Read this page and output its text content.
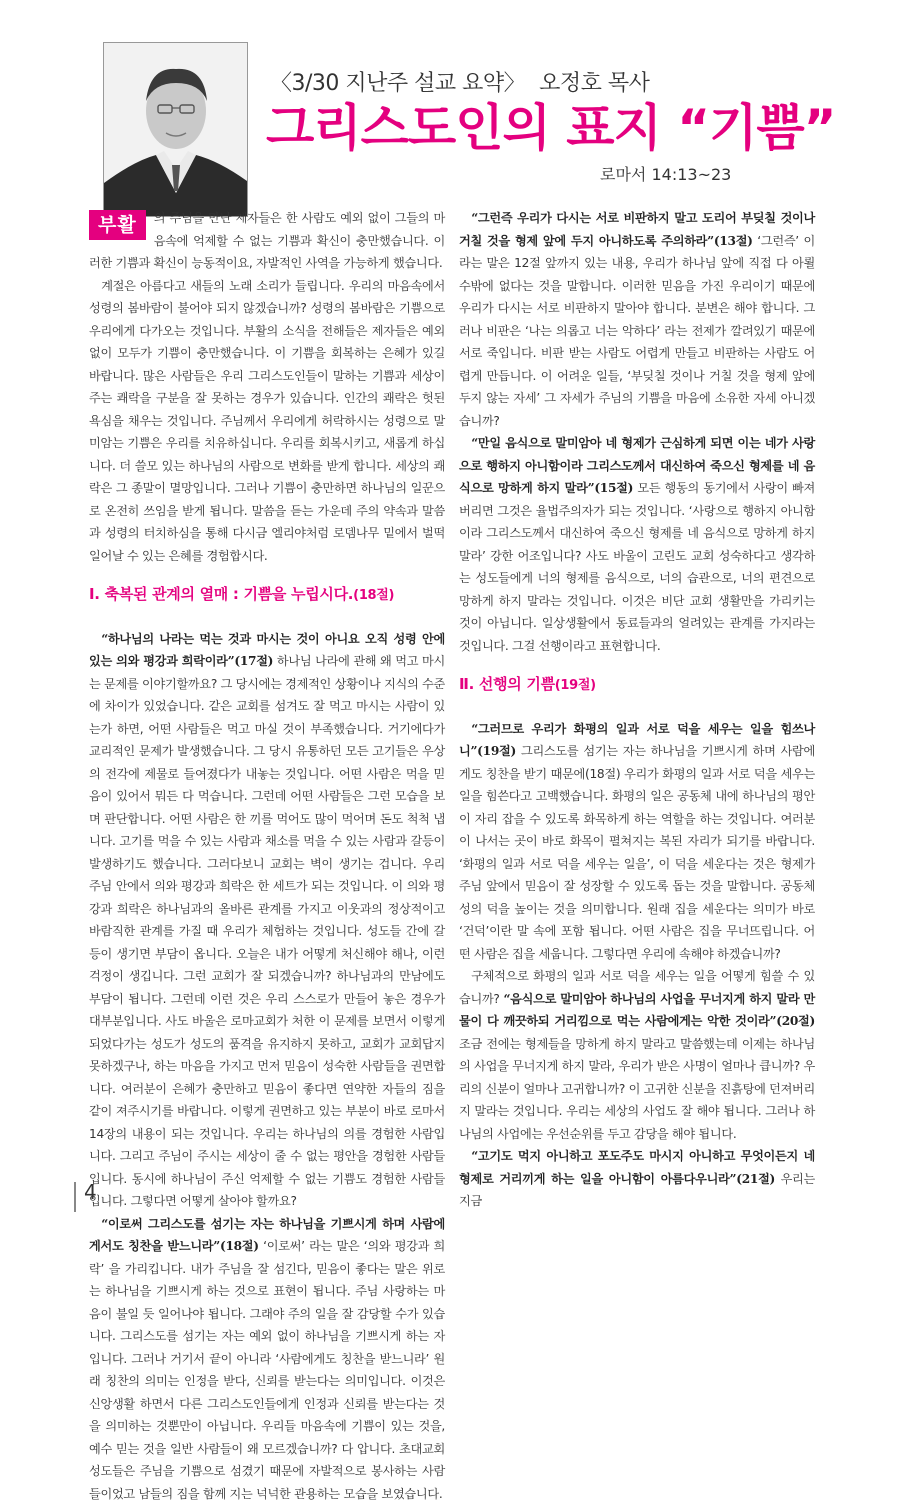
〈3/30 지난주 설교 요약〉 오정호 목사
그리스도인의 표지 “기쁨”
로마서 14:13~23

부활	의 주님을 만난 제자들은 한 사람도 예외 없이 그들의 마음속에 억제할 수 없는 기쁨과 확신이 충만했습니다. 이러한 기쁨과 확신이 능동적이요, 자발적인 사역을 가능하게 했습니다.

계절은 아름다고 새들의 노래 소리가 들립니다. 우리의 마음속에서 성령의 봄바람이 불어야 되지 않겠습니까? 성령의 봄바람은 기쁨으로 우리에게 다가오는 것입니다. 부활의 소식을 전해들은 제자들은 예외 없이 모두가 기쁨이 충만했습니다. 이 기쁨을 회복하는 은혜가 있길 바랍니다. 많은 사람들은 우리 그리스도인들이 말하는 기쁨과 세상이 주는 쾌락을 구분을 잘 못하는 경우가 있습니다. 인간의 쾌락은 헛된 욕심을 채우는 것입니다. 주님께서 우리에게 허락하시는 성령으로 말미암는 기쁨은 우리를 치유하십니다. 우리를 회복시키고, 새롭게 하십니다. 더 쓸모 있는 하나님의 사람으로 변화를 받게 합니다. 세상의 쾌락은 그 종말이 멸망입니다. 그러나 기쁨이 충만하면 하나님의 일꾼으로 온전히 쓰임을 받게 됩니다. 말씀을 듣는 가운데 주의 약속과 말씀과 성령의 터치하심을 통해 다시금 엘리야처럼 로뎀나무 밑에서 벌떡 일어날 수 있는 은혜를 경험합시다.

Ⅰ. 축복된 관계의 열매 : 기쁨을 누립시다.(18절)

“하나님의 나라는 먹는 것과 마시는 것이 아니요 오직 성령 안에 있는 의와 평강과 희락이라”(17절) 하나님 나라에 관해 왜 먹고 마시는 문제를 이야기할까요? 그 당시에는 경제적인 상황이나 지식의 수준에 차이가 있었습니다. 같은 교회를 섬겨도 잘 먹고 마시는 사람이 있는가 하면, 어떤 사람들은 먹고 마실 것이 부족했습니다. 거기에다가 교리적인 문제가 발생했습니다. 그 당시 유통하던 모든 고기들은 우상의 전각에 제물로 들여졌다가 내놓는 것입니다. 어떤 사람은 먹을 믿음이 있어서 뭐든 다 먹습니다. 그런데 어떤 사람들은 그런 모습을 보며 판단합니다. 어떤 사람은 한 끼를 먹어도 많이 먹어며 돈도 척척 냅니다. 고기를 먹을 수 있는 사람과 채소를 먹을 수 있는 사람과 갈등이 발생하기도 했습니다. 그러다보니 교회는 벽이 생기는 겁니다. 우리 주님 안에서 의와 평강과 희락은 한 세트가 되는 것입니다. 이 의와 평강과 희락은 하나님과의 올바른 관계를 가지고 이웃과의 정상적이고 바람직한 관계를 가질 때 우리가 체험하는 것입니다. 성도들 간에 갈등이 생기면 부담이 옵니다. 오늘은 내가 어떻게 처신해야 해나, 이런 걱정이 생깁니다. 그런 교회가 잘 되겠습니까? 하나님과의 만남에도 부담이 됩니다. 그런데 이런 것은 우리 스스로가 만들어 놓은 경우가 대부분입니다. 사도 바울은 로마교회가 처한 이 문제를 보면서 이렇게 되었다가는 성도가 성도의 품격을 유지하지 못하고, 교회가 교회답지 못하겠구나, 하는 마음을 가지고 먼저 믿음이 성숙한 사람들을 권면합니다. 여러분이 은혜가 충만하고 믿음이 좋다면 연약한 자들의 짐을 같이 져주시기를 바랍니다. 이렇게 권면하고 있는 부분이 바로 로마서 14장의 내용이 되는 것입니다. 우리는 하나님의 의를 경험한 사람입니다. 그리고 주님이 주시는 세상이 줄 수 없는 평안을 경험한 사람들입니다. 동시에 하나님이 주신 억제할 수 없는 기쁨도 경험한 사람들입니다. 그렇다면 어떻게 살아야 할까요?

“이로써 그리스도를 섬기는 자는 하나님을 기쁘시게 하며 사람에게서도 칭찬을 받느니라”(18절) ‘이로써’ 라는 말은 ‘의와 평강과 희락’ 을 가리킵니다. 내가 주님을 잘 섬긴다, 믿음이 좋다는 말은 위로는 하나님을 기쁘시게 하는 것으로 표현이 됩니다. 주님 사랑하는 마음이 불일 듯 일어나야 됩니다. 그래야 주의 일을 잘 감당할 수가 있습니다. 그리스도를 섬기는 자는 예외 없이 하나님을 기쁘시게 하는 자입니다. 그러나 거기서 끝이 아니라 ‘사람에게도 칭찬을 받느니라’ 원래 칭찬의 의미는 인정을 받다, 신뢰를 받는다는 의미입니다. 이것은 신앙생활 하면서 다른 그리스도인들에게 인정과 신뢰를 받는다는 것을 의미하는 것뿐만이 아닙니다. 우리들 마음속에 기쁨이 있는 것을, 예수 믿는 것을 일반 사람들이 왜 모르겠습니까? 다 압니다. 초대교회 성도들은 주님을 기쁨으로 섬겼기 때문에 자발적으로 봉사하는 사람들이었고 남들의 짐을 함께 지는 넉넉한 관용하는 모습을 보였습니다.

“그런즉 우리가 다시는 서로 비판하지 말고 도리어 부딪칠 것이나 거칠 것을 형제 앞에 두지 아니하도록 주의하라”(13절) ‘그런즉’ 이라는 말은 12절 앞까지 있는 내용, 우리가 하나님 앞에 직접 다 아뢸 수밖에 없다는 것을 말합니다. 이러한 믿음을 가진 우리이기 때문에 우리가 다시는 서로 비판하지 말아야 합니다. 분변은 해야 합니다. 그러나 비판은 ‘나는 의롭고 너는 악하다’ 라는 전제가 깔려있기 때문에 서로 죽입니다. 비판 받는 사람도 어렵게 만들고 비판하는 사람도 어렵게 만듭니다. 이 어려운 일들, ‘부딪칠 것이나 거칠 것을 형제 앞에 두지 않는 자세’ 그 자세가 주님의 기쁨을 마음에 소유한 자세 아니겠습니까?

“만일 음식으로 말미암아 네 형제가 근심하게 되면 이는 네가 사랑으로 행하지 아니함이라 그리스도께서 대신하여 죽으신 형제를 네 음식으로 망하게 하지 말라”(15절) 모든 행동의 동기에서 사랑이 빠져버리면 그것은 율법주의자가 되는 것입니다. ‘사랑으로 행하지 아니함이라 그리스도께서 대신하여 죽으신 형제를 네 음식으로 망하게 하지 말라’ 강한 어조입니다? 사도 바울이 고린도 교회 성숙하다고 생각하는 성도들에게 너의 형제를 음식으로, 너의 습관으로, 너의 편견으로 망하게 하지 말라는 것입니다. 이것은 비단 교회 생활만을 가리키는 것이 아닙니다. 일상생활에서 동료들과의 얼려있는 관계를 가지라는 것입니다. 그걸 선행이라고 표현합니다.

Ⅱ. 선행의 기쁨(19절)

“그러므로 우리가 화평의 일과 서로 덕을 세우는 일을 힘쓰나니”(19절) 그리스도를 섬기는 자는 하나님을 기쁘시게 하며 사람에게도 칭찬을 받기 때문에(18절) 우리가 화평의 일과 서로 덕을 세우는 일을 힘쓴다고 고백했습니다. 화평의 일은 공동체 내에 하나님의 평안이 자리 잡을 수 있도록 화목하게 하는 역할을 하는 것입니다. 여러분이 나서는 곳이 바로 화목이 펼쳐지는 복된 자리가 되기를 바랍니다. ‘화평의 일과 서로 덕을 세우는 일을’, 이 덕을 세운다는 것은 형제가 주님 앞에서 믿음이 잘 성장할 수 있도록 돕는 것을 말합니다. 공동체성의 덕을 높이는 것을 의미합니다. 원래 집을 세운다는 의미가 바로 ‘건덕’이란 말 속에 포함 됩니다. 어떤 사람은 집을 무너뜨립니다. 어떤 사람은 집을 세웁니다. 그렇다면 우리에 속해야 하겠습니까?

구체적으로 화평의 일과 서로 덕을 세우는 일을 어떻게 힘쓸 수 있습니까? “음식으로 말미암아 하나님의 사업을 무너지게 하지 말라 만물이 다 깨끗하되 거리낌으로 먹는 사람에게는 악한 것이라”(20절) 조금 전에는 형제들을 망하게 하지 말라고 말씀했는데 이제는 하나님의 사업을 무너지게 하지 말라, 우리가 받은 사명이 얼마나 큽니까? 우리의 신분이 얼마나 고귀합니까? 이 고귀한 신분을 진흙탕에 던져버리지 말라는 것입니다. 우리는 세상의 사업도 잘 해야 됩니다. 그러나 하나님의 사업에는 우선순위를 두고 감당을 해야 됩니다.

“고기도 먹지 아니하고 포도주도 마시지 아니하고 무엇이든지 네 형제로 거리끼게 하는 일을 아니함이 아름다우니라”(21절) 우리는 지금

4
